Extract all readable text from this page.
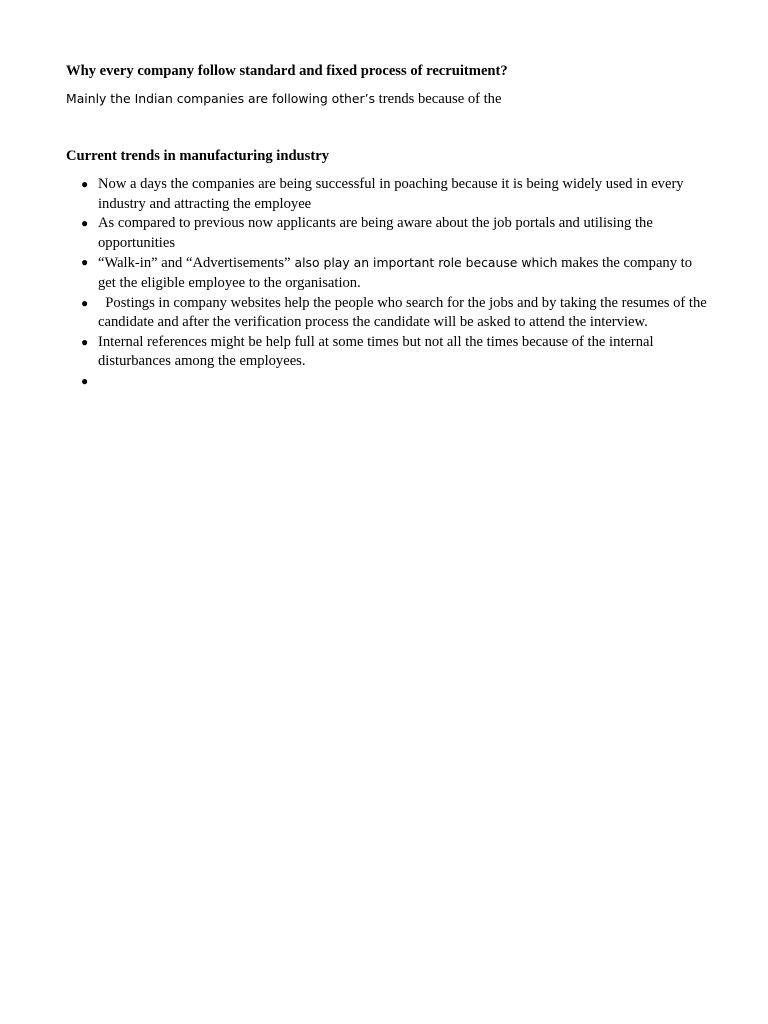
Why every company follow standard and fixed process of recruitment?
Mainly the Indian companies are following other’s trends because of the
Current trends in manufacturing industry
● Now a days the companies are being successful in poaching because it is being widely used in every industry and attracting the employee
● As compared to previous now applicants are being aware about the job portals and utilising the opportunities
● “Walk-in” and “Advertisements” also play an important role because which makes the company to get the eligible employee to the organisation.
● Postings in company websites help the people who search for the jobs and by taking the resumes of the candidate and after the verification process the candidate will be asked to attend the interview.
● Internal references might be help full at some times but not all the times because of the internal disturbances among the employees.
●
